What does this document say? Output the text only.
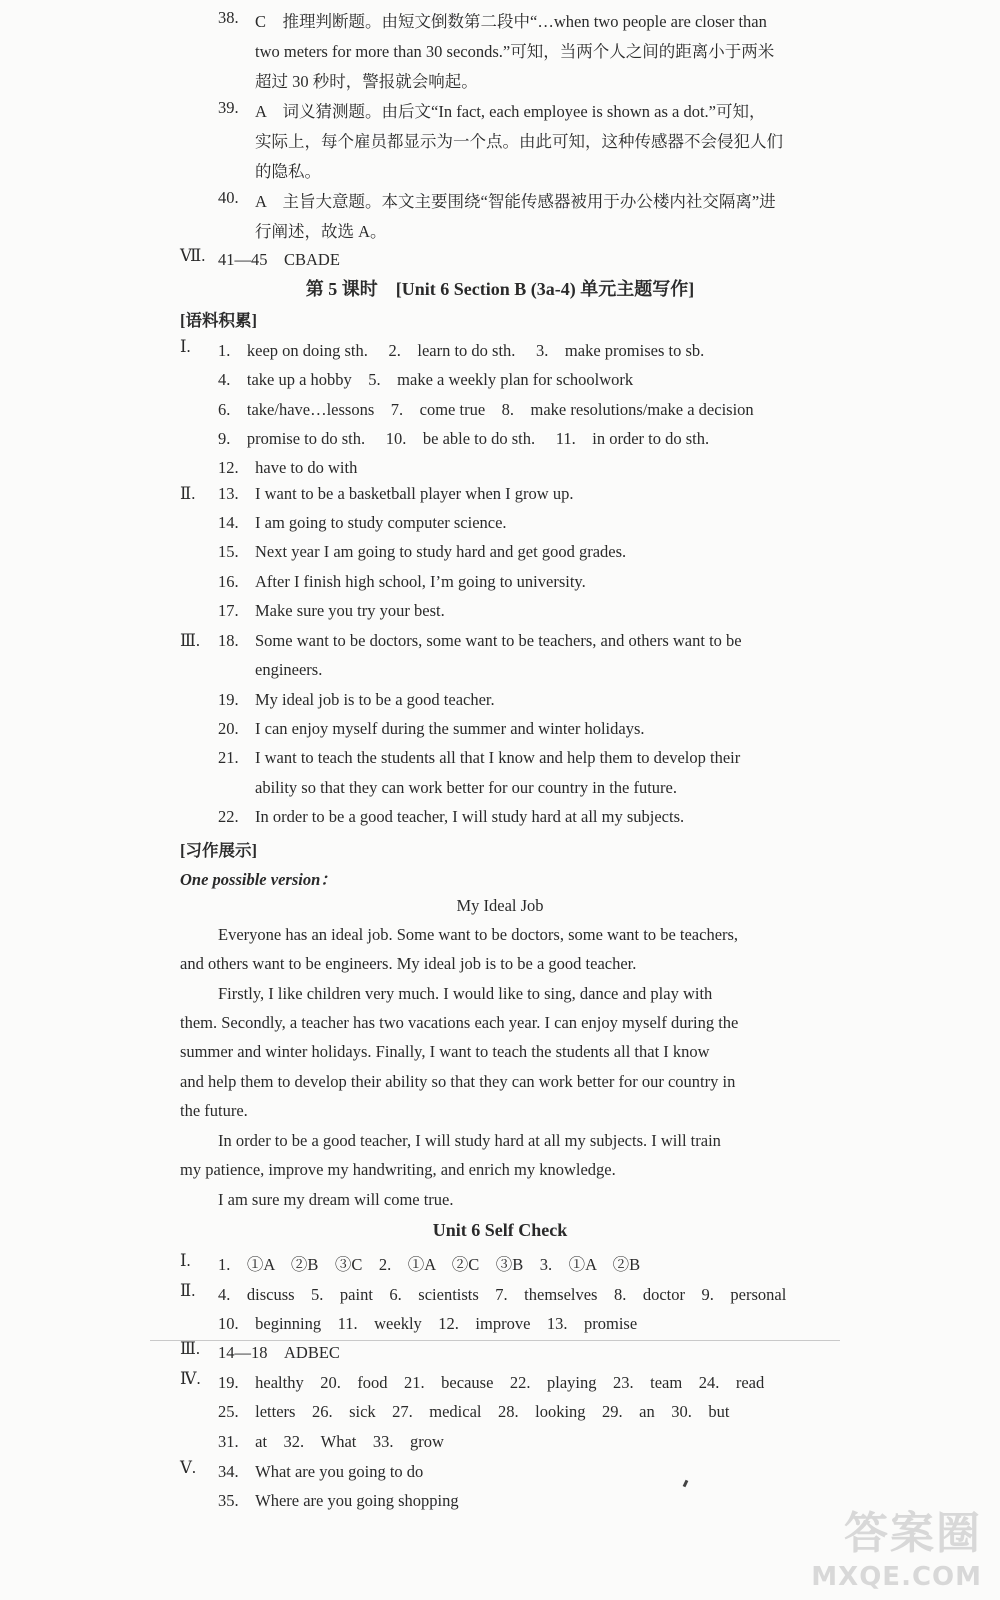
38. C　推理判断题。由短文倒数第二段中“…when two people are closer than
two meters for more than 30 seconds.”可知，当两个人之间的距离小于两米
超过 30 秒时，警报就会响起。
39. A　词义猜测题。由后文“In fact, each employee is shown as a dot.”可知，
实际上，每个雇员都显示为一个点。由此可知，这种传感器不会侵犯人们
的隐私。
40. A　主旨大意题。本文主要围绕“智能传感器被用于办公楼内社交隔离”进
行阐述，故选 A。
Ⅶ. 41—45　CBADE
第 5 课时　[Unit 6 Section B (3a-4) 单元主题写作]
[语料积累]
Ⅰ. 1.　keep on doing sth.　 2.　learn to do sth.　 3.　make promises to sb.
4.　take up a hobby　5.　make a weekly plan for schoolwork
6.　take/have…lessons　7.　come true　8.　make resolutions/make a decision
9.　promise to do sth.　 10.　be able to do sth.　 11.　in order to do sth.
12.　have to do with
Ⅱ. 13. I want to be a basketball player when I grow up.
14. I am going to study computer science.
15. Next year I am going to study hard and get good grades.
16. After I finish high school, I’m going to university.
17. Make sure you try your best.
Ⅲ. 18. Some want to be doctors, some want to be teachers, and others want to be
engineers.
19. My ideal job is to be a good teacher.
20. I can enjoy myself during the summer and winter holidays.
21. I want to teach the students all that I know and help them to develop their
ability so that they can work better for our country in the future.
22. In order to be a good teacher, I will study hard at all my subjects.
[习作展示]
One possible version：
My Ideal Job
Everyone has an ideal job. Some want to be doctors, some want to be teachers,
and others want to be engineers. My ideal job is to be a good teacher.
Firstly, I like children very much. I would like to sing, dance and play with
them. Secondly, a teacher has two vacations each year. I can enjoy myself during the
summer and winter holidays. Finally, I want to teach the students all that I know
and help them to develop their ability so that they can work better for our country in
the future.
In order to be a good teacher, I will study hard at all my subjects. I will train
my patience, improve my handwriting, and enrich my knowledge.
I am sure my dream will come true.
Unit 6 Self Check
Ⅰ. 1.　①A　②B　③C　2.　①A　②C　③B　3.　①A　②B
Ⅱ. 4.　discuss　5.　paint　6.　scientists　7.　themselves　8.　doctor　9.　personal
10.　beginning　11.　weekly　12.　improve　13.　promise
Ⅲ. 14—18　ADBEC
Ⅳ. 19.　healthy　20.　food　21.　because　22.　playing　23.　team　24.　read
25.　letters　26.　sick　27.　medical　28.　looking　29.　an　30.　but
31.　at　32.　What　33.　grow
Ⅴ. 34.　What are you going to do
35.　Where are you going shopping
答案圈
MXQE.COM
